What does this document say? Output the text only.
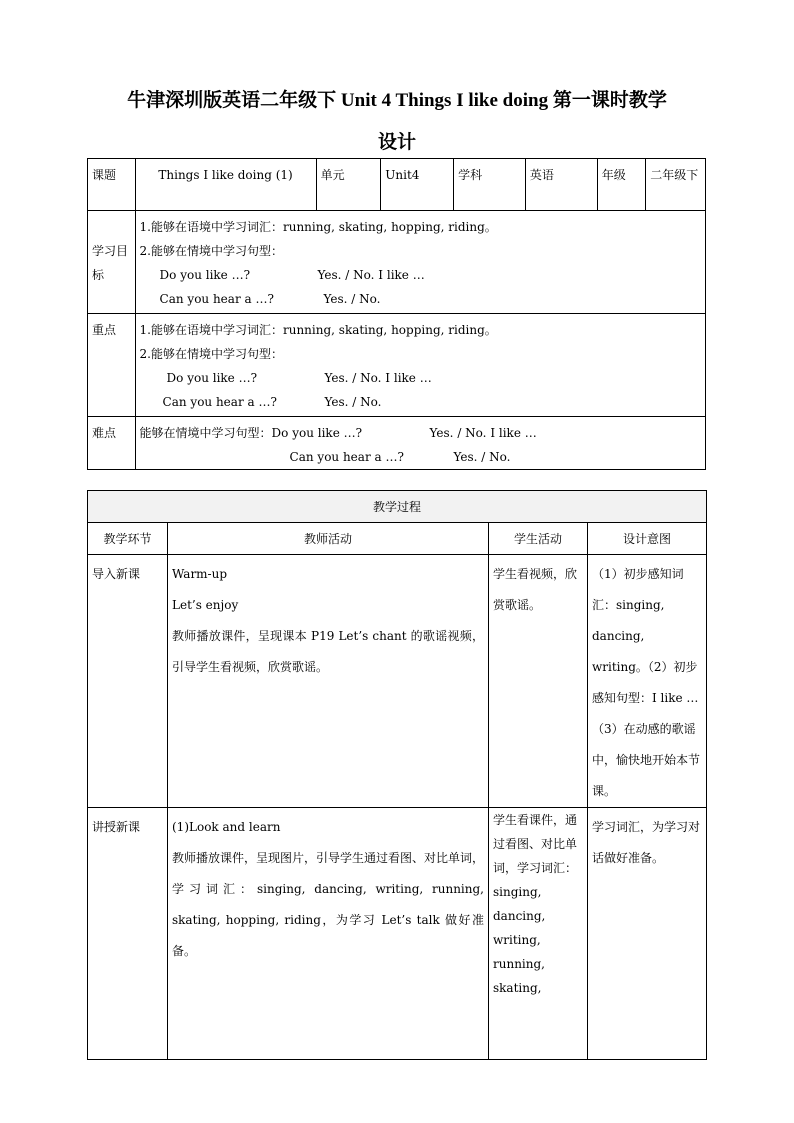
牛津深圳版英语二年级下 Unit 4 Things I like doing 第一课时教学
设计
课题	Things I like doing (1)	单元	Unit4	学科	英语	年级	二年级下
学习目标	1.能够在语境中学习词汇：running, skating, hopping, riding。
2.能够在情境中学习句型：
Do you like …? Yes. / No. I like …
Can you hear a …? Yes. / No.						

重点	1.能够在语境中学习词汇：running, skating, hopping, riding。
2.能够在情境中学习句型：
Do you like …? Yes. / No. I like …
Can you hear a …? Yes. / No.						

难点	能够在情境中学习句型：Do you like …? Yes. / No. I like …
Can you hear a …? Yes. / No.						
教学过程			
教学环节	教师活动	学生活动	设计意图
导入新课	Warm-up
Let’s enjoy
教师播放课件，呈现课本 P19 Let’s chant 的歌谣视频，引导学生看视频，欣赏歌谣。	学生看视频，欣赏歌谣。	（1）初步感知词汇：singing, dancing, writing。（2）初步感知句型：I like … （3）在动感的歌谣中，愉快地开始本节课。
讲授新课	(1)Look and learn
教师播放课件，呈现图片，引导学生通过看图、对比单词，学习词汇：singing, dancing, writing, running, skating, hopping, riding，为学习 Let’s talk 做好准备。	学生看课件，通过看图、对比单词，学习词汇：singing, dancing, writing, running, skating,	学习词汇，为学习对话做好准备。
